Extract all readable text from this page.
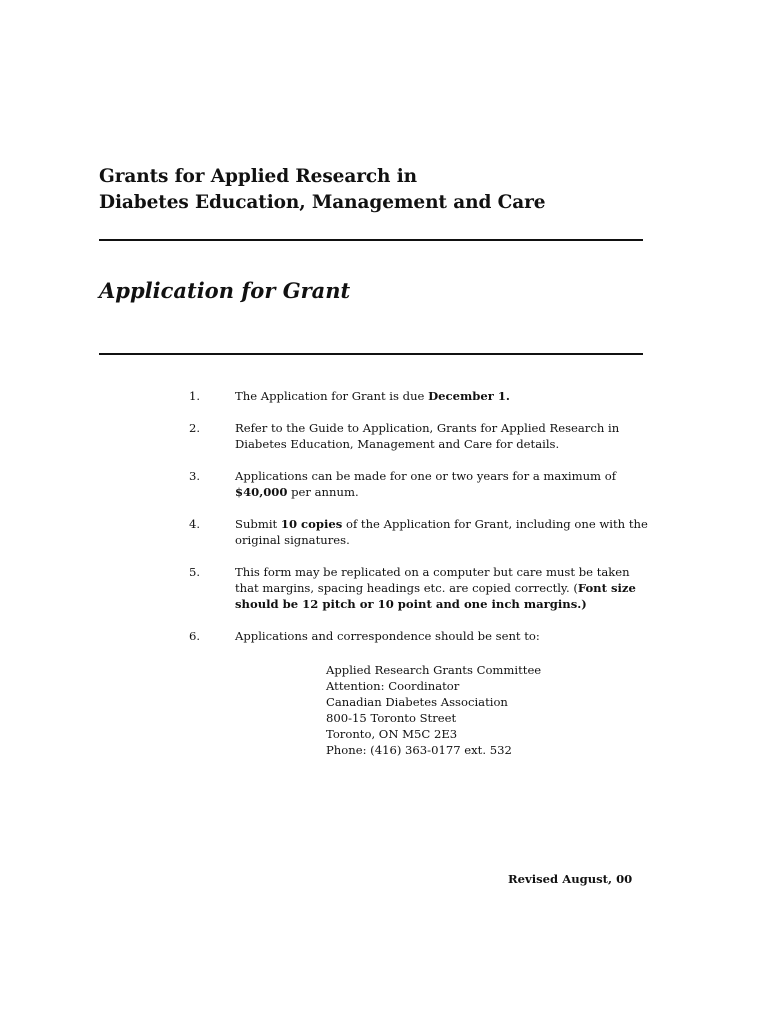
Grants for Applied Research in
Diabetes Education, Management and Care
Application for Grant
1.	The Application for Grant is due December 1.
2.	Refer to the Guide to Application, Grants for Applied Research in Diabetes Education, Management and Care for details.
3.	Applications can be made for one or two years for a maximum of $40,000 per annum.
4.	Submit 10 copies of the Application for Grant, including one with the original signatures.
5.	This form may be replicated on a computer but care must be taken that margins, spacing headings etc. are copied correctly. (Font size should be 12 pitch or 10 point and one inch margins.)
6.	Applications and correspondence should be sent to:
Applied Research Grants Committee
Attention: Coordinator
Canadian Diabetes Association
800-15 Toronto Street
Toronto, ON M5C 2E3
Phone: (416) 363-0177 ext. 532
Revised August, 00
